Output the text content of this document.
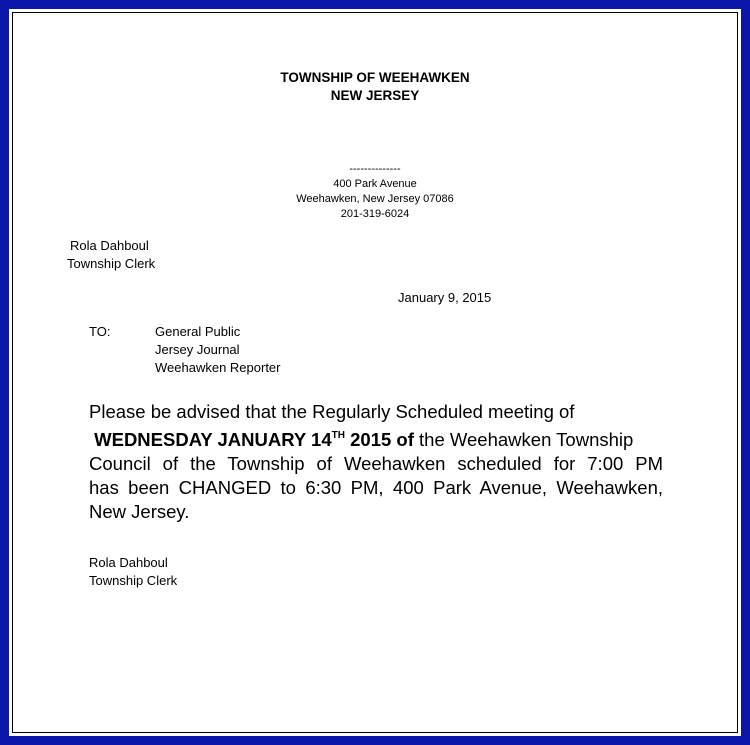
TOWNSHIP OF WEEHAWKEN
NEW JERSEY
--------------
400 Park Avenue
Weehawken, New Jersey 07086
201-319-6024
Rola Dahboul
Township Clerk
January 9, 2015
TO:	General Public
Jersey Journal
Weehawken Reporter
Please be advised that the Regularly Scheduled meeting of
WEDNESDAY JANUARY 14TH 2015 of the Weehawken Township
Council of the Township of Weehawken scheduled for 7:00 PM
has been CHANGED to 6:30 PM, 400 Park Avenue, Weehawken,
New Jersey.
Rola Dahboul
Township Clerk
